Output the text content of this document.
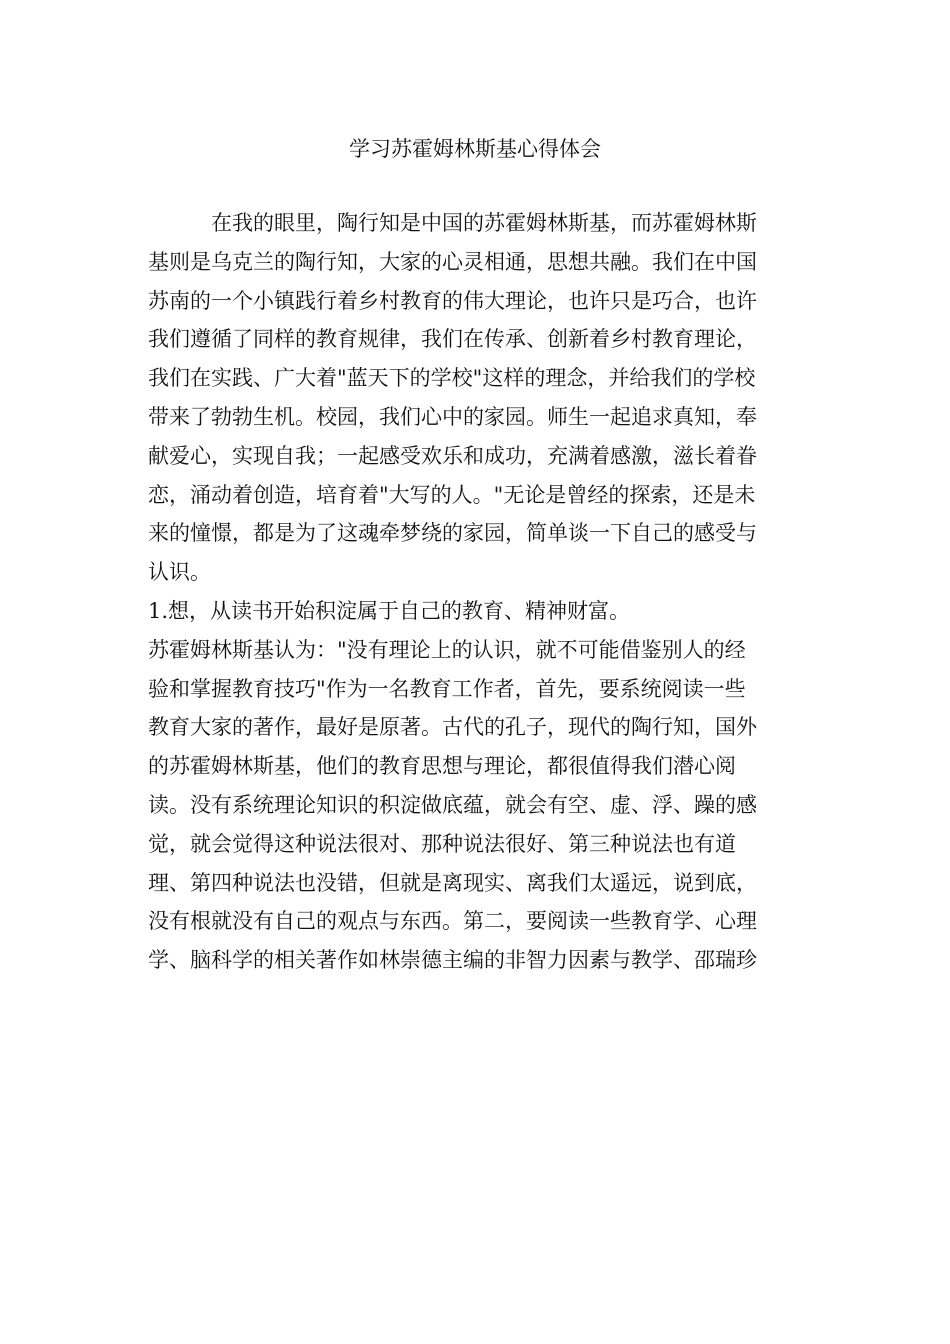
学习苏霍姆林斯基心得体会
　　　在我的眼里，陶行知是中国的苏霍姆林斯基，而苏霍姆林斯
基则是乌克兰的陶行知，大家的心灵相通，思想共融。我们在中国
苏南的一个小镇践行着乡村教育的伟大理论，也许只是巧合，也许
我们遵循了同样的教育规律，我们在传承、创新着乡村教育理论，
我们在实践、广大着"蓝天下的学校"这样的理念，并给我们的学校
带来了勃勃生机。校园，我们心中的家园。师生一起追求真知，奉
献爱心，实现自我；一起感受欢乐和成功，充满着感激，滋长着眷
恋，涌动着创造，培育着"大写的人。"无论是曾经的探索，还是未
来的憧憬，都是为了这魂牵梦绕的家园，简单谈一下自己的感受与
认识。
1.想，从读书开始积淀属于自己的教育、精神财富。
苏霍姆林斯基认为："没有理论上的认识，就不可能借鉴别人的经
验和掌握教育技巧"作为一名教育工作者，首先，要系统阅读一些
教育大家的著作，最好是原著。古代的孔子，现代的陶行知，国外
的苏霍姆林斯基，他们的教育思想与理论，都很值得我们潜心阅
读。没有系统理论知识的积淀做底蕴，就会有空、虚、浮、躁的感
觉，就会觉得这种说法很对、那种说法很好、第三种说法也有道
理、第四种说法也没错，但就是离现实、离我们太遥远，说到底，
没有根就没有自己的观点与东西。第二，要阅读一些教育学、心理
学、脑科学的相关著作如林崇德主编的非智力因素与教学、邵瑞珍
